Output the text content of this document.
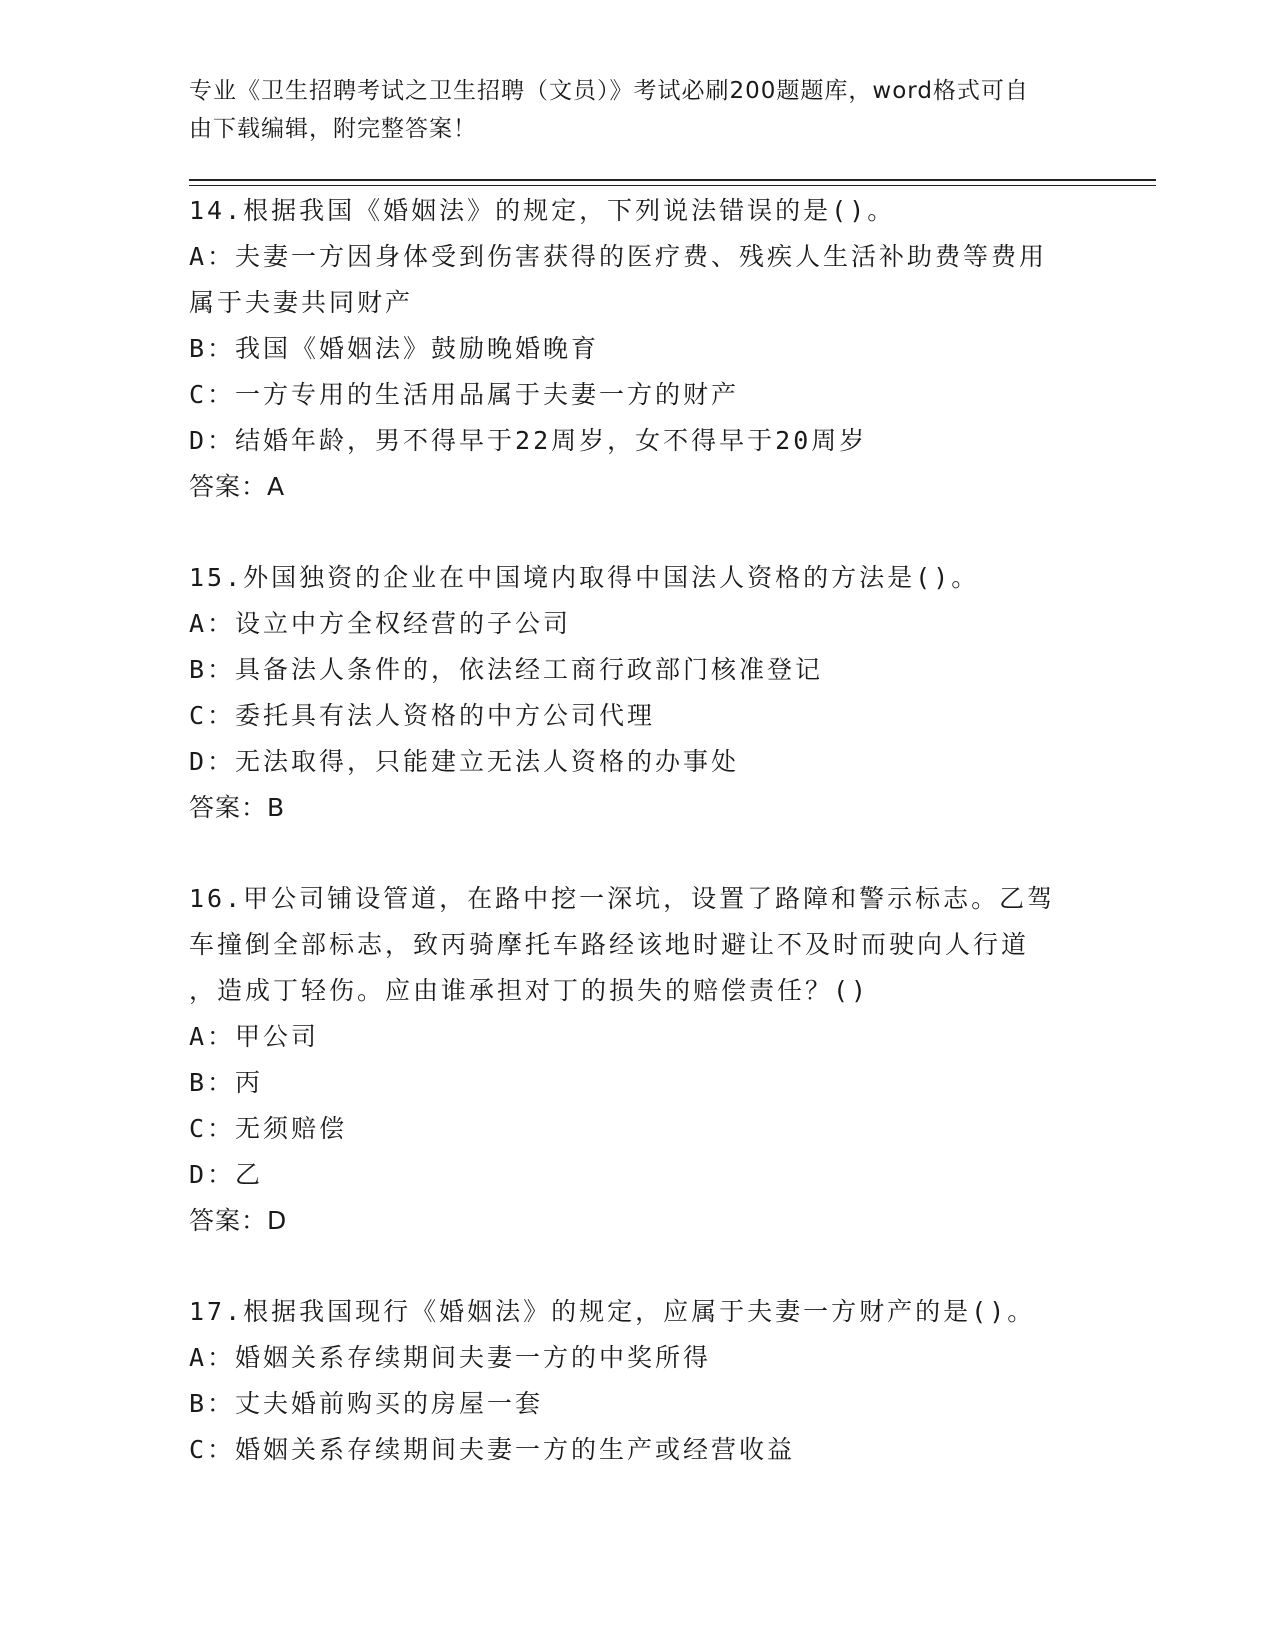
专业《卫生招聘考试之卫生招聘（文员）》考试必刷200题题库，word格式可自
由下载编辑，附完整答案！
14.根据我国《婚姻法》的规定，下列说法错误的是()。
A：夫妻一方因身体受到伤害获得的医疗费、残疾人生活补助费等费用
属于夫妻共同财产
B：我国《婚姻法》鼓励晚婚晚育
C：一方专用的生活用品属于夫妻一方的财产
D：结婚年龄，男不得早于22周岁，女不得早于20周岁
答案：A
15.外国独资的企业在中国境内取得中国法人资格的方法是()。
A：设立中方全权经营的子公司
B：具备法人条件的，依法经工商行政部门核准登记
C：委托具有法人资格的中方公司代理
D：无法取得，只能建立无法人资格的办事处
答案：B
16.甲公司铺设管道，在路中挖一深坑，设置了路障和警示标志。乙驾
车撞倒全部标志，致丙骑摩托车路经该地时避让不及时而驶向人行道
，造成丁轻伤。应由谁承担对丁的损失的赔偿责任？()
A：甲公司
B：丙
C：无须赔偿
D：乙
答案：D
17.根据我国现行《婚姻法》的规定，应属于夫妻一方财产的是()。
A：婚姻关系存续期间夫妻一方的中奖所得
B：丈夫婚前购买的房屋一套
C：婚姻关系存续期间夫妻一方的生产或经营收益
